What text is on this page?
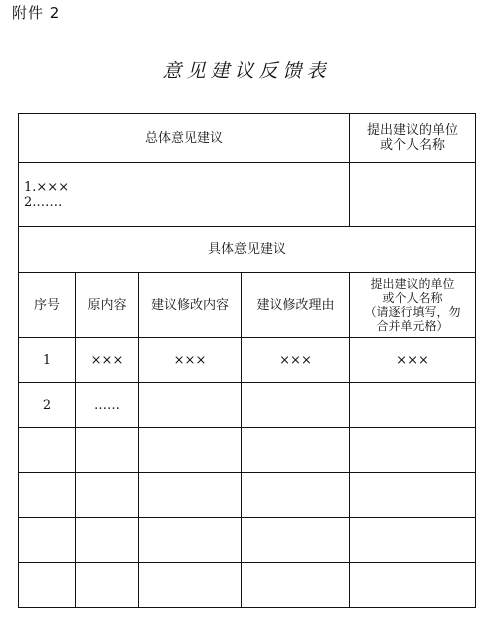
附件 2
意见建议反馈表
总体意见建议				提出建议的单位
或个人名称

1.×××
2.……				

具体意见建议				
序号	原内容	建议修改内容	建议修改理由	提出建议的单位
或个人名称
（请逐行填写，勿
合并单元格）

1	×××	×××	×××	×××
2	……			
